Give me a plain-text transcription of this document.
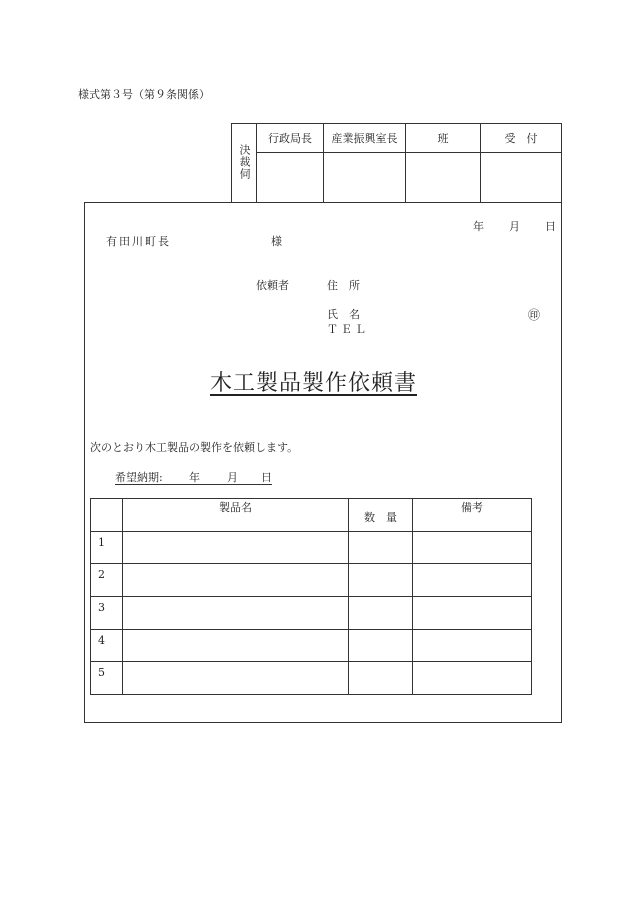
様式第３号（第９条関係）
決裁伺	行政局長	産業振興室長	班	受　付

年 月 日
有田川町長	様
依頼者	住　所
氏　名	㊞
ＴＥＬ
木工製品製作依頼書
次のとおり木工製品の製作を依頼します。
希望納期: 年 月 日
	製品名	数　量	備考
1			
2			
3			
4			
5			
